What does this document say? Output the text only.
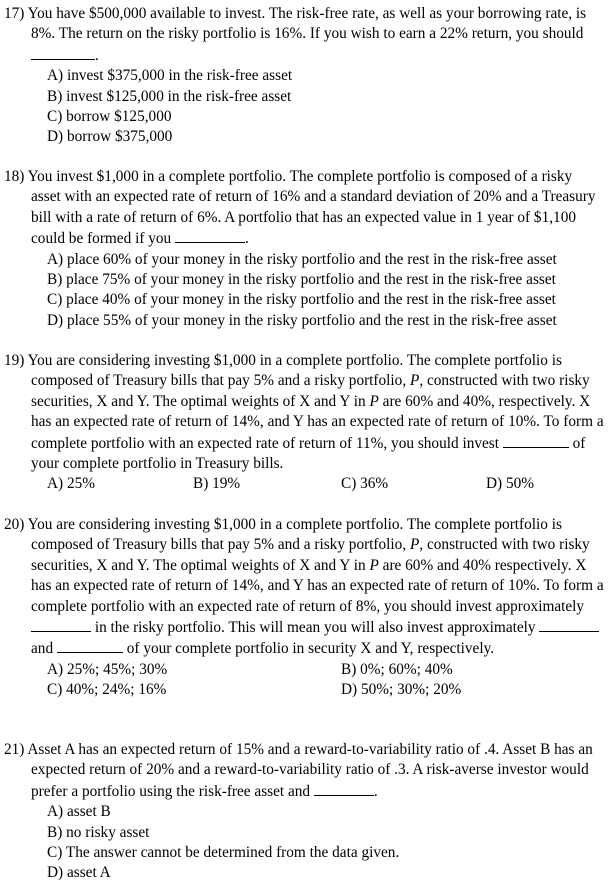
17) You have $500,000 available to invest. The risk-free rate, as well as your borrowing rate, is 8%. The return on the risky portfolio is 16%. If you wish to earn a 22% return, you should .
A) invest $375,000 in the risk-free asset
B) invest $125,000 in the risk-free asset
C) borrow $125,000
D) borrow $375,000
18) You invest $1,000 in a complete portfolio. The complete portfolio is composed of a risky asset with an expected rate of return of 16% and a standard deviation of 20% and a Treasury bill with a rate of return of 6%. A portfolio that has an expected value in 1 year of $1,100 could be formed if you	.
A) place 60% of your money in the risky portfolio and the rest in the risk-free asset
B) place 75% of your money in the risky portfolio and the rest in the risk-free asset
C) place 40% of your money in the risky portfolio and the rest in the risk-free asset
D) place 55% of your money in the risky portfolio and the rest in the risk-free asset
19) You are considering investing $1,000 in a complete portfolio. The complete portfolio is composed of Treasury bills that pay 5% and a risky portfolio, P, constructed with two risky securities, X and Y. The optimal weights of X and Y in P are 60% and 40%, respectively. X has an expected rate of return of 14%, and Y has an expected rate of return of 10%. To form a complete portfolio with an expected rate of return of 11%, you should invest	of your complete portfolio in Treasury bills.
A) 25%	B) 19%	C) 36%	D) 50%
20) You are considering investing $1,000 in a complete portfolio. The complete portfolio is composed of Treasury bills that pay 5% and a risky portfolio, P, constructed with two risky securities, X and Y. The optimal weights of X and Y in P are 60% and 40% respectively. X has an expected rate of return of 14%, and Y has an expected rate of return of 10%. To form a complete portfolio with an expected rate of return of 8%, you should invest approximately  in the risky portfolio. This will mean you will also invest approximately  and	of your complete portfolio in security X and Y, respectively.
A) 25%; 45%; 30%	B) 0%; 60%; 40%
C) 40%; 24%; 16%	D) 50%; 30%; 20%
21) Asset A has an expected return of 15% and a reward-to-variability ratio of .4. Asset B has an expected return of 20% and a reward-to-variability ratio of .3. A risk-averse investor would prefer a portfolio using the risk-free asset and	.
A) asset B
B) no risky asset
C) The answer cannot be determined from the data given.
D) asset A
